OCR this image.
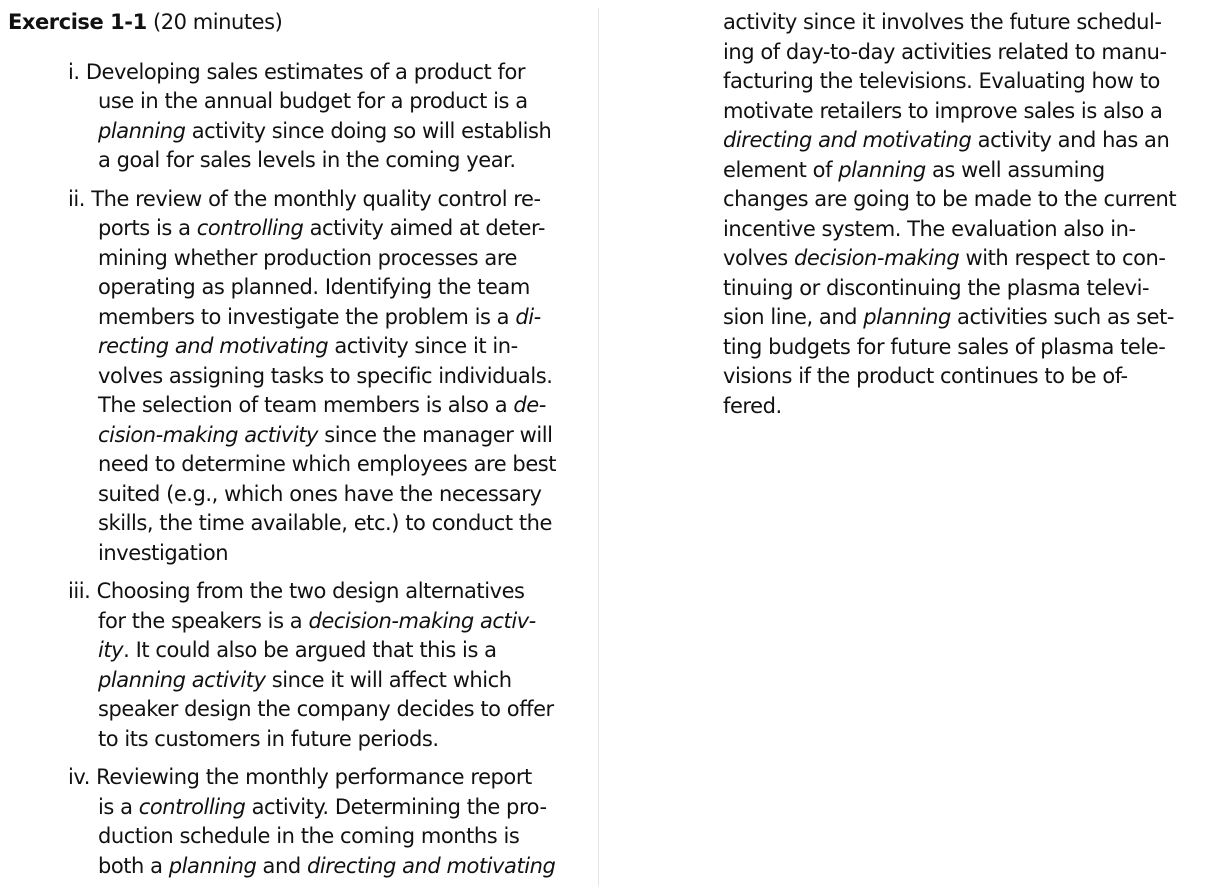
Exercise 1-1 (20 minutes)

i. Developing sales estimates of a product for
use in the annual budget for a product is a
planning activity since doing so will establish
a goal for sales levels in the coming year.
ii. The review of the monthly quality control re-
ports is a controlling activity aimed at deter-
mining whether production processes are
operating as planned. Identifying the team
members to investigate the problem is a di-
recting and motivating activity since it in-
volves assigning tasks to specific individuals.
The selection of team members is also a de-
cision-making activity since the manager will
need to determine which employees are best
suited (e.g., which ones have the necessary
skills, the time available, etc.) to conduct the
investigation
iii. Choosing from the two design alternatives
for the speakers is a decision-making activ-
ity. It could also be argued that this is a
planning activity since it will affect which
speaker design the company decides to offer
to its customers in future periods.
iv. Reviewing the monthly performance report
is a controlling activity. Determining the pro-
duction schedule in the coming months is
both a planning and directing and motivating
activity since it involves the future schedul-
ing of day-to-day activities related to manu-
facturing the televisions. Evaluating how to
motivate retailers to improve sales is also a
directing and motivating activity and has an
element of planning as well assuming
changes are going to be made to the current
incentive system. The evaluation also in-
volves decision-making with respect to con-
tinuing or discontinuing the plasma televi-
sion line, and planning activities such as set-
ting budgets for future sales of plasma tele-
visions if the product continues to be of-
fered.
